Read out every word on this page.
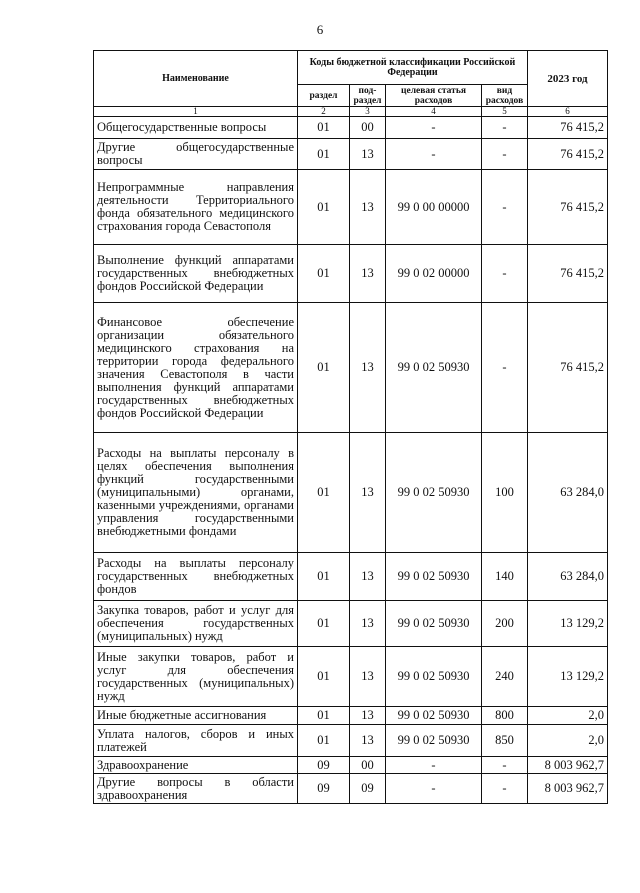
6
Наименование	Коды бюджетной классификации Российской Федерации				2023 год
	раздел	под-раздел	целевая статья расходов	вид расходов	
1	2	3	4	5	6
Общегосударственные вопросы	01	00	-	-	76 415,2
Другие общегосударственные вопросы	01	13	-	-	76 415,2
Непрограммные направления деятельности Территориального фонда обязательного медицинского страхования города Севастополя	01	13	99 0 00 00000	-	76 415,2
Выполнение функций аппаратами государственных внебюджетных фондов Российской Федерации	01	13	99 0 02 00000	-	76 415,2
Финансовое обеспечение организации обязательного медицинского страхования на территории города федерального значения Севастополя в части выполнения функций аппаратами государственных внебюджетных фондов Российской Федерации	01	13	99 0 02 50930	-	76 415,2
Расходы на выплаты персоналу в целях обеспечения выполнения функций государственными (муниципальными) органами, казенными учреждениями, органами управления государственными внебюджетными фондами	01	13	99 0 02 50930	100	63 284,0
Расходы на выплаты персоналу государственных внебюджетных фондов	01	13	99 0 02 50930	140	63 284,0
Закупка товаров, работ и услуг для обеспечения государственных (муниципальных) нужд	01	13	99 0 02 50930	200	13 129,2
Иные закупки товаров, работ и услуг для обеспечения государственных (муниципальных) нужд	01	13	99 0 02 50930	240	13 129,2
Иные бюджетные ассигнования	01	13	99 0 02 50930	800	2,0
Уплата налогов, сборов и иных платежей	01	13	99 0 02 50930	850	2,0
Здравоохранение	09	00	-	-	8 003 962,7
Другие вопросы в области здравоохранения	09	09	-	-	8 003 962,7
